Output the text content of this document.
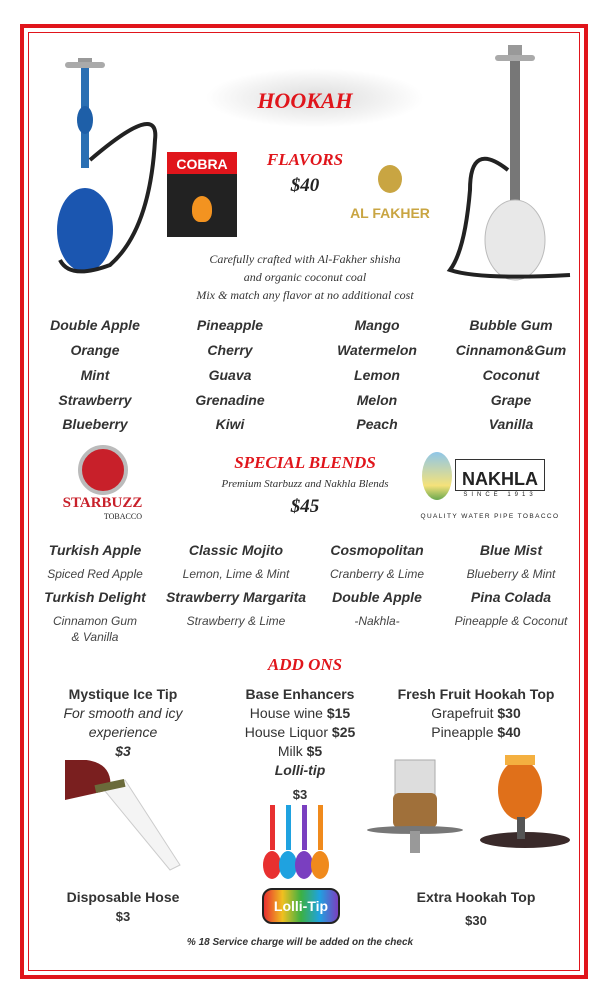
HOOKAH
COBRA	FLAVORS
$40
AL FAKHER
Carefully crafted with Al-Fakher shisha
and organic coconut coal
Mix & match any flavor at no additional cost
Double Apple
Orange
Mint
Strawberry
Blueberry
Pineapple
Cherry
Guava
Grenadine
Kiwi
Mango
Watermelon
Lemon
Melon
Peach
Bubble Gum
Cinnamon&Gum
Coconut
Grape
Vanilla
STARBUZZ
TOBACCO
SPECIAL BLENDS
Premium Starbuzz and Nakhla Blends
$45
NAKHLA
SINCE 1913
QUALITY WATER PIPE TOBACCO
Turkish Apple
Spiced Red Apple
Classic Mojito
Lemon, Lime & Mint
Cosmopolitan
Cranberry & Lime
Blue Mist
Blueberry & Mint
Turkish Delight
Cinnamon Gum
& Vanilla
Strawberry Margarita
Strawberry & Lime
Double Apple
-Nakhla-
Pina Colada
Pineapple & Coconut
ADD ONS
Mystique Ice Tip
For smooth and icy
experience
$3
Base Enhancers
House wine $15
House Liquor $25
Milk $5
Lolli-tip
$3
Fresh Fruit Hookah Top
Grapefruit $30
Pineapple $40
Lolli-Tip
Disposable Hose
$3
Extra Hookah Top
$30
% 18 Service charge will be added on the check
